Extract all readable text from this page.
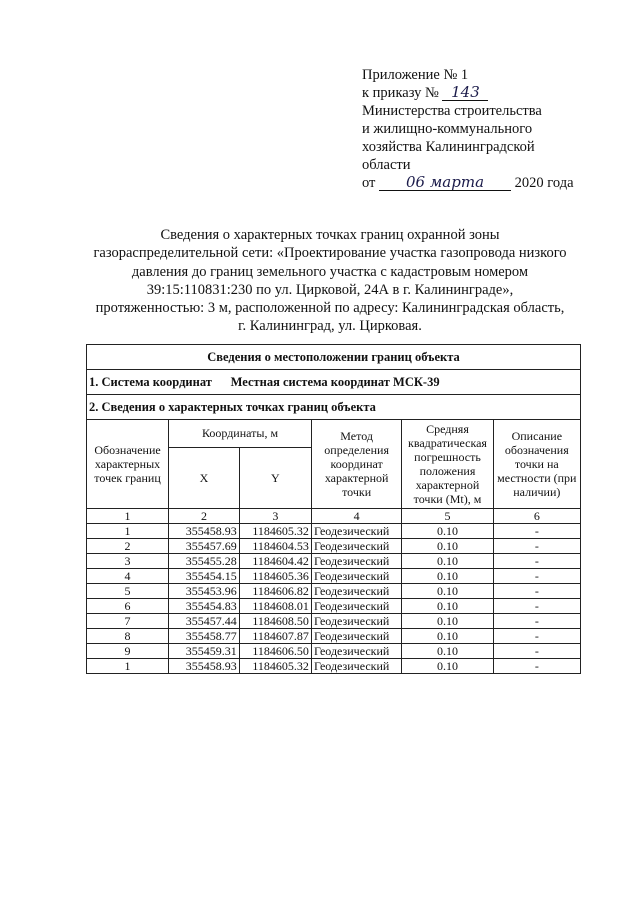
Приложение № 1
к приказу № 143
Министерства строительства
и жилищно-коммунального
хозяйства Калининградской
области
от 06 марта 2020 года
Сведения о характерных точках границ охранной зоны
газораспределительной сети: «Проектирование участка газопровода низкого
давления до границ земельного участка с кадастровым номером
39:15:110831:230 по ул. Цирковой, 24А в г. Калининграде»,
протяженностью: 3 м, расположенной по адресу: Калининградская область,
г. Калининград, ул. Цирковая.
Сведения о местоположении границ объекта					
1. Система координат Местная система координат МСК-39					
2. Сведения о характерных точках границ объекта					
Обозначение характерных точек границ	Координаты, м		Метод определения координат характерной точки	Средняя квадратическая погрешность положения характерной точки (Mt), м	Описание обозначения точки на местности (при наличии)
	X	Y			
1	2	3	4	5	6
1	355458.93	1184605.32	Геодезический	0.10	-
2	355457.69	1184604.53	Геодезический	0.10	-
3	355455.28	1184604.42	Геодезический	0.10	-
4	355454.15	1184605.36	Геодезический	0.10	-
5	355453.96	1184606.82	Геодезический	0.10	-
6	355454.83	1184608.01	Геодезический	0.10	-
7	355457.44	1184608.50	Геодезический	0.10	-
8	355458.77	1184607.87	Геодезический	0.10	-
9	355459.31	1184606.50	Геодезический	0.10	-
1	355458.93	1184605.32	Геодезический	0.10	-
